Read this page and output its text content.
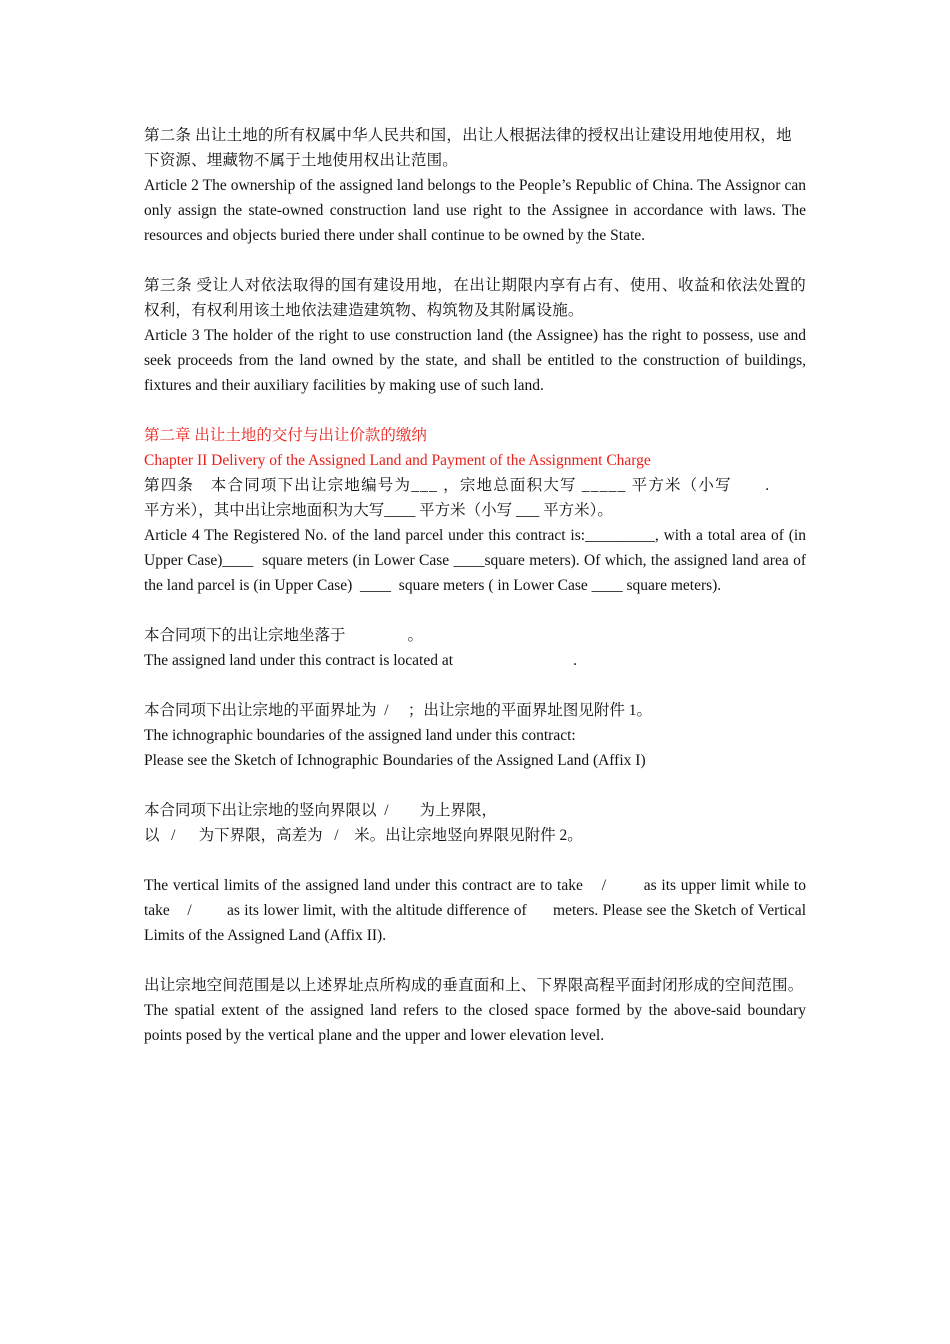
第二条 出让土地的所有权属中华人民共和国，出让人根据法律的授权出让建设用地使用权，地下资源、埋藏物不属于土地使用权出让范围。

Article 2 The ownership of the assigned land belongs to the People’s Republic of China. The Assignor can only assign the state-owned construction land use right to the Assignee in accordance with laws. The resources and objects buried there under shall continue to be owned by the State.

第三条 受让人对依法取得的国有建设用地，在出让期限内享有占有、使用、收益和依法处置的权利，有权利用该土地依法建造建筑物、构筑物及其附属设施。

Article 3 The holder of the right to use construction land (the Assignee) has the right to possess, use and seek proceeds from the land owned by the state, and shall be entitled to the construction of buildings, fixtures and their auxiliary facilities by making use of such land.

第二章 出让土地的交付与出让价款的缴纳

Chapter II Delivery of the Assigned Land and Payment of the Assignment Charge

第四条　本合同项下出让宗地编号为___ ，宗地总面积大写 _____ 平方米（小写　　.

平方米），其中出让宗地面积为大写____ 平方米（小写 ___ 平方米）。

Article 4 The Registered No. of the land parcel under this contract is:_________, with a total area of (in Upper Case)____  square meters (in Lower Case ____square meters). Of which, the assigned land area of the land parcel is (in Upper Case)  ____  square meters ( in Lower Case ____ square meters).

本合同项下的出让宗地坐落于　　　　。

The assigned land under this contract is located at                               .

本合同项下出让宗地的平面界址为  /     ；出让宗地的平面界址图见附件 1。

The ichnographic boundaries of the assigned land under this contract:

Please see the Sketch of Ichnographic Boundaries of the Assigned Land (Affix I)

本合同项下出让宗地的竖向界限以  /        为上界限，

以   /      为下界限，高差为   /    米。出让宗地竖向界限见附件 2。

The vertical limits of the assigned land under this contract are to take    /        as its upper limit while to take    /        as its lower limit, with the altitude difference of      meters. Please see the Sketch of Vertical Limits of the Assigned Land (Affix II).

出让宗地空间范围是以上述界址点所构成的垂直面和上、下界限高程平面封闭形成的空间范围。

The spatial extent of the assigned land refers to the closed space formed by the above-said boundary points posed by the vertical plane and the upper and lower elevation level.
